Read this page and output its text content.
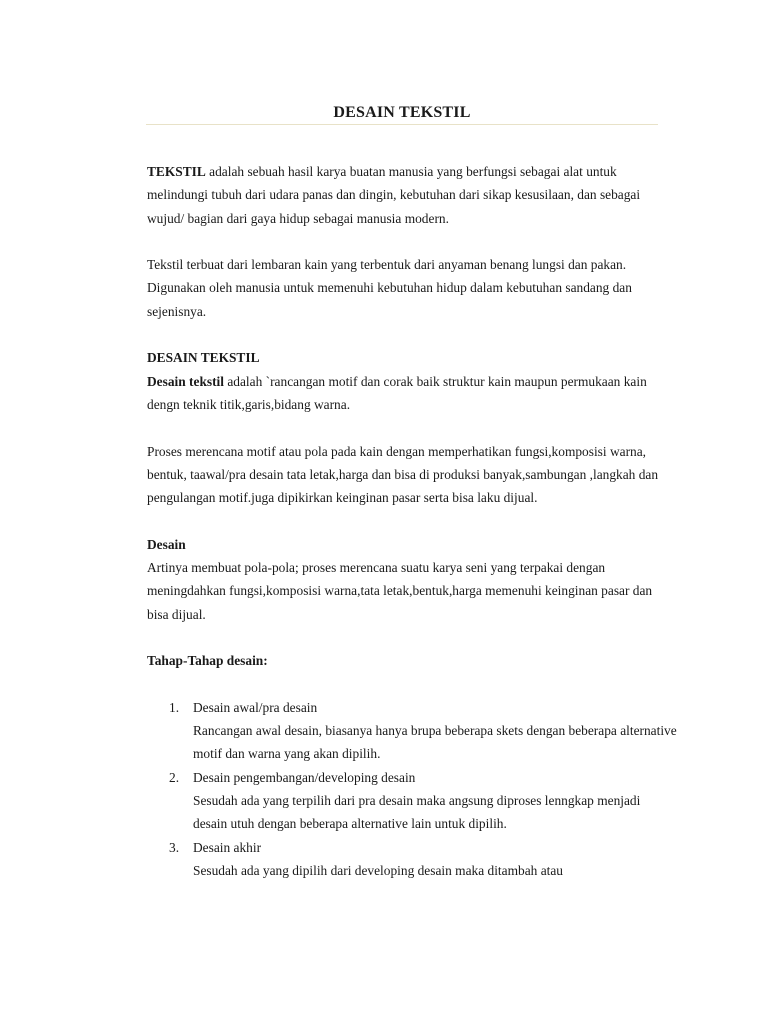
DESAIN TEKSTIL

TEKSTIL adalah sebuah hasil karya buatan manusia yang berfungsi sebagai alat untuk melindungi tubuh dari udara panas dan dingin, kebutuhan dari sikap kesusilaan, dan sebagai wujud/ bagian dari gaya hidup sebagai manusia modern.

Tekstil terbuat dari lembaran kain yang terbentuk dari anyaman benang lungsi dan pakan. Digunakan oleh manusia untuk memenuhi kebutuhan hidup dalam kebutuhan sandang dan sejenisnya.

DESAIN TEKSTIL

Desain tekstil adalah `rancangan motif dan corak baik struktur kain maupun permukaan kain dengn teknik titik,garis,bidang warna.

Proses merencana motif atau pola pada kain dengan memperhatikan fungsi,komposisi warna, bentuk, taawal/pra desain tata letak,harga dan bisa di produksi banyak,sambungan ,langkah dan pengulangan motif.juga dipikirkan keinginan pasar serta bisa laku dijual.

Desain

Artinya membuat pola-pola; proses merencana suatu karya seni yang terpakai dengan meningdahkan fungsi,komposisi warna,tata letak,bentuk,harga memenuhi keinginan pasar dan bisa dijual.

Tahap-Tahap desain:

1. Desain awal/pra desain
Rancangan awal desain, biasanya hanya brupa beberapa skets dengan beberapa alternative motif dan warna yang akan dipilih.
2. Desain pengembangan/developing desain
Sesudah ada yang terpilih dari pra desain maka angsung diproses lenngkap menjadi desain utuh dengan beberapa alternative lain untuk dipilih.
3. Desain akhir
Sesudah ada yang dipilih dari developing desain maka ditambah atau
